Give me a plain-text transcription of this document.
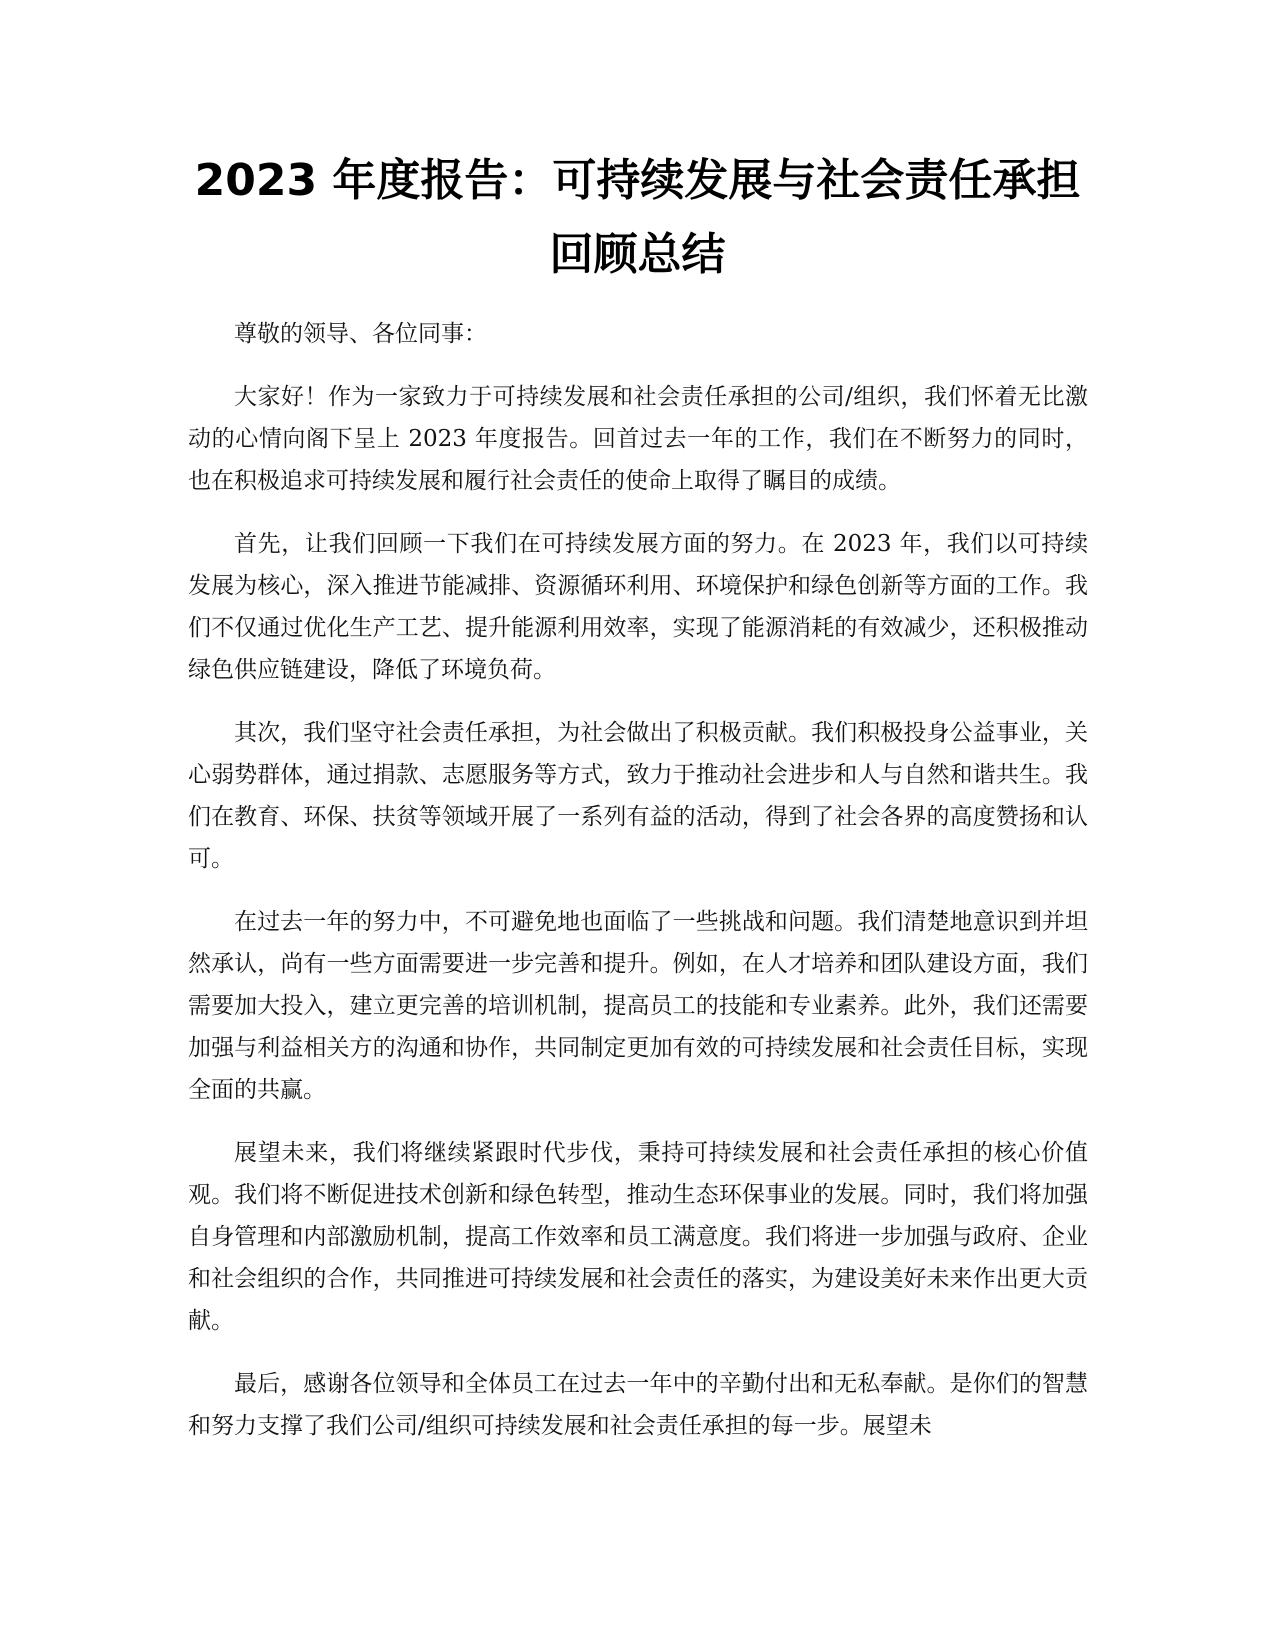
2023 年度报告：可持续发展与社会责任承担
回顾总结

尊敬的领导、各位同事：

大家好！作为一家致力于可持续发展和社会责任承担的公司/组织，我们怀着无比激动的心情向阁下呈上 2023 年度报告。回首过去一年的工作，我们在不断努力的同时，也在积极追求可持续发展和履行社会责任的使命上取得了瞩目的成绩。

首先，让我们回顾一下我们在可持续发展方面的努力。在 2023 年，我们以可持续发展为核心，深入推进节能减排、资源循环利用、环境保护和绿色创新等方面的工作。我们不仅通过优化生产工艺、提升能源利用效率，实现了能源消耗的有效减少，还积极推动绿色供应链建设，降低了环境负荷。

其次，我们坚守社会责任承担，为社会做出了积极贡献。我们积极投身公益事业，关心弱势群体，通过捐款、志愿服务等方式，致力于推动社会进步和人与自然和谐共生。我们在教育、环保、扶贫等领域开展了一系列有益的活动，得到了社会各界的高度赞扬和认可。

在过去一年的努力中，不可避免地也面临了一些挑战和问题。我们清楚地意识到并坦然承认，尚有一些方面需要进一步完善和提升。例如，在人才培养和团队建设方面，我们需要加大投入，建立更完善的培训机制，提高员工的技能和专业素养。此外，我们还需要加强与利益相关方的沟通和协作，共同制定更加有效的可持续发展和社会责任目标，实现全面的共赢。

展望未来，我们将继续紧跟时代步伐，秉持可持续发展和社会责任承担的核心价值观。我们将不断促进技术创新和绿色转型，推动生态环保事业的发展。同时，我们将加强自身管理和内部激励机制，提高工作效率和员工满意度。我们将进一步加强与政府、企业和社会组织的合作，共同推进可持续发展和社会责任的落实，为建设美好未来作出更大贡献。

最后，感谢各位领导和全体员工在过去一年中的辛勤付出和无私奉献。是你们的智慧和努力支撑了我们公司/组织可持续发展和社会责任承担的每一步。展望未
